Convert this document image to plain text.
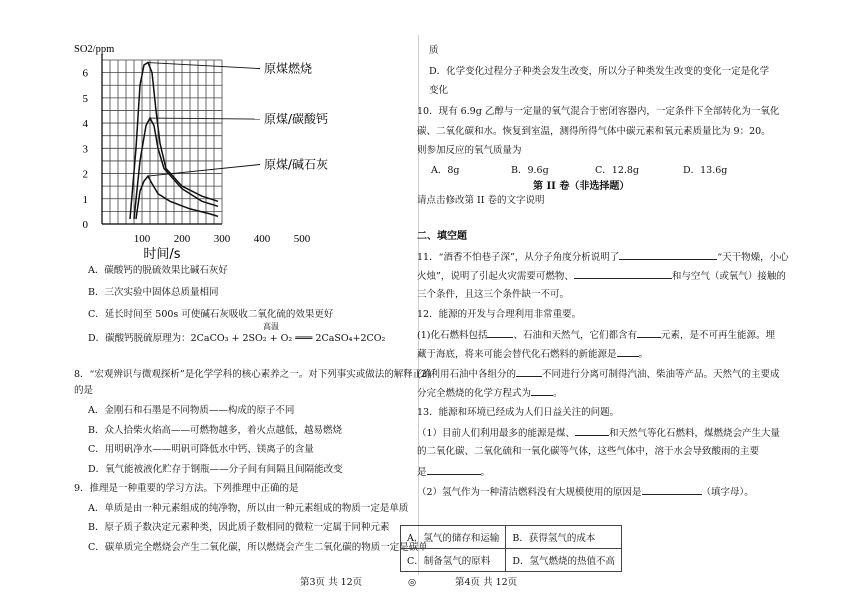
0
1
2
3
4
5
6
100 200 300 400 500
SO2/ppm
时间/s
原煤燃烧
原煤/碳酸钙
原煤/碱石灰
A．碳酸钙的脱硫效果比碱石灰好
B．三次实验中固体总质量相同
C．延长时间至 500s 可使碱石灰吸收二氧化硫的效果更好
D．碳酸钙脱硫原理为：2CaCO₃ + 2SO₂ + O₂ ═══ 2CaSO₄+2CO₂
高温
8．“宏观辨识与微观探析”是化学学科的核心素养之一。对下列事实或做法的解释正确
的是
A．金刚石和石墨是不同物质——构成的原子不同
B．众人拾柴火焰高——可燃物越多，着火点越低，越易燃烧
C．用明矾净水——明矾可降低水中钙、镁离子的含量
D．氧气能被液化贮存于钢瓶——分子间有间隔且间隔能改变
9．推理是一种重要的学习方法。下列推理中正确的是
A．单质是由一种元素组成的纯净物，所以由一种元素组成的物质一定是单质
B．原子质子数决定元素种类，因此质子数相同的微粒一定属于同种元素
C．碳单质完全燃烧会产生二氧化碳，所以燃烧会产生二氧化碳的物质一定是碳单
第3页 共 12页	◎
质
D．化学变化过程分子种类会发生改变，所以分子种类发生改变的变化一定是化学
变化
10．现有 6.9g 乙醇与一定量的氧气混合于密闭容器内，一定条件下全部转化为一氧化
碳、二氧化碳和水。恢复到室温，测得所得气体中碳元素和氧元素质量比为 9：20。
则参加反应的氧气质量为
A．8g	B．9.6g	C．12.8g	D．13.6g
第 II 卷（非选择题）
请点击修改第 II 卷的文字说明
二、填空题
11．“酒香不怕巷子深”，从分子角度分析说明了	“天干物燥，小心
火烛”，说明了引起火灾需要可燃物、	和与空气（或氧气）接触的
三个条件，且这三个条件缺一不可。
12．能源的开发与合理利用非常重要。
(1)化石燃料包括	、石油和天然气，它们都含有	元素，是不可再生能源。埋
藏于海底，将来可能会替代化石燃料的新能源是 。
(2)利用石油中各组分的	不同进行分离可制得汽油、柴油等产品。天然气的主要成
分完全燃烧的化学方程式为 。
13．能源和环境已经成为人们日益关注的问题。
（1）目前人们利用最多的能源是煤、	和天然气等化石燃料，煤燃烧会产生大量
的二氧化碳、二氧化硫和一氧化碳等气体，这些气体中，溶于水会导致酸雨的主要
是	。
（2）氢气作为一种清洁燃料没有大规模使用的原因是	（填字母）。
第4页 共 12页
A．氢气的储存和运输	B．获得氢气的成本
C．制备氢气的原料	D．氢气燃烧的热值不高
